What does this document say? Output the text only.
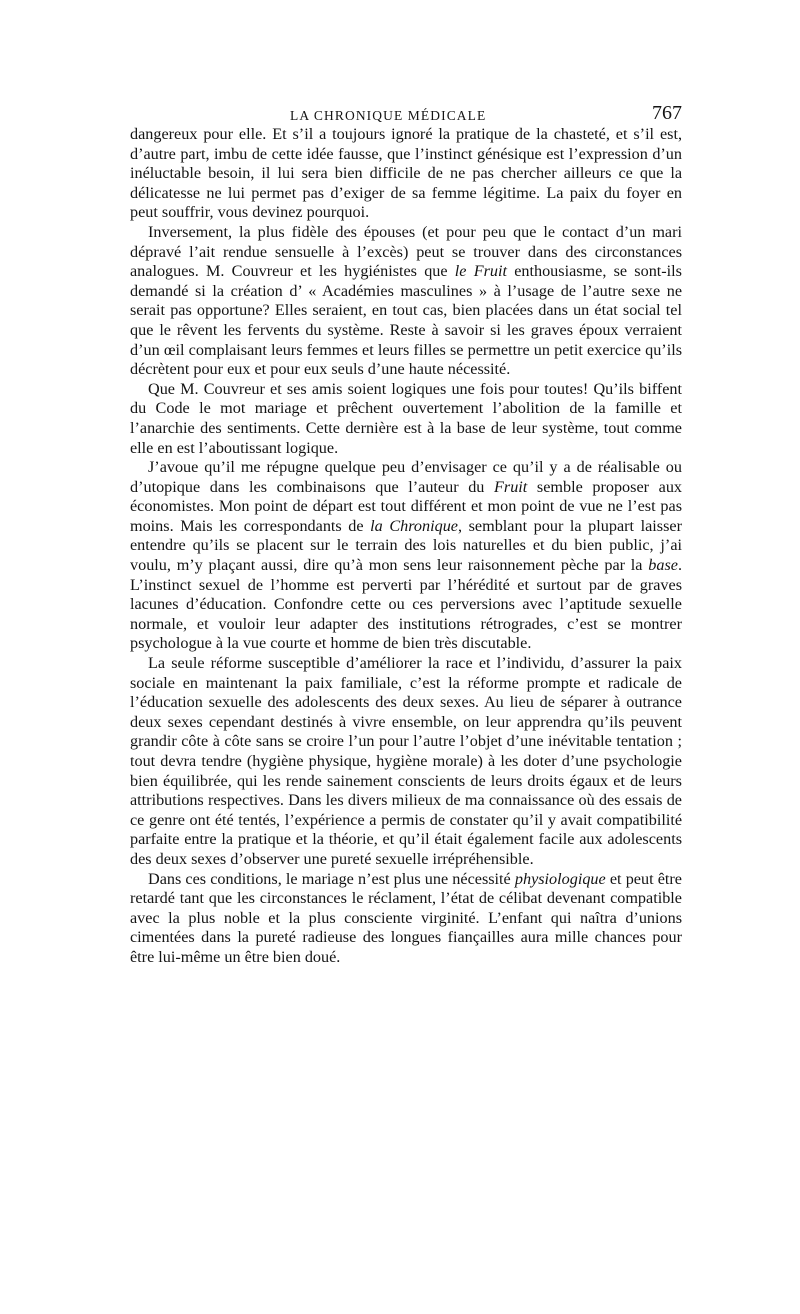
LA CHRONIQUE MÉDICALE	767

dangereux pour elle. Et s’il a toujours ignoré la pratique de la chasteté, et s’il est, d’autre part, imbu de cette idée fausse, que l’instinct génésique est l’expression d’un inéluctable besoin, il lui sera bien difficile de ne pas chercher ailleurs ce que la délicatesse ne lui permet pas d’exiger de sa femme légitime. La paix du foyer en peut souffrir, vous devinez pourquoi.

Inversement, la plus fidèle des épouses (et pour peu que le contact d’un mari dépravé l’ait rendue sensuelle à l’excès) peut se trouver dans des circonstances analogues. M. Couvreur et les hygiénistes que le Fruit enthousiasme, se sont-ils demandé si la création d’ « Académies masculines » à l’usage de l’autre sexe ne serait pas opportune? Elles seraient, en tout cas, bien placées dans un état social tel que le rêvent les fervents du système. Reste à savoir si les graves époux verraient d’un œil complaisant leurs femmes et leurs filles se permettre un petit exercice qu’ils décrètent pour eux et pour eux seuls d’une haute nécessité.

Que M. Couvreur et ses amis soient logiques une fois pour toutes! Qu’ils biffent du Code le mot mariage et prêchent ouvertement l’abolition de la famille et l’anarchie des sentiments. Cette dernière est à la base de leur système, tout comme elle en est l’aboutissant logique.

J’avoue qu’il me répugne quelque peu d’envisager ce qu’il y a de réalisable ou d’utopique dans les combinaisons que l’auteur du Fruit semble proposer aux économistes. Mon point de départ est tout différent et mon point de vue ne l’est pas moins. Mais les correspondants de la Chronique, semblant pour la plupart laisser entendre qu’ils se placent sur le terrain des lois naturelles et du bien public, j’ai voulu, m’y plaçant aussi, dire qu’à mon sens leur raisonnement pèche par la base. L’instinct sexuel de l’homme est perverti par l’hérédité et surtout par de graves lacunes d’éducation. Confondre cette ou ces perversions avec l’aptitude sexuelle normale, et vouloir leur adapter des institutions rétrogrades, c’est se montrer psychologue à la vue courte et homme de bien très discutable.

La seule réforme susceptible d’améliorer la race et l’individu, d’assurer la paix sociale en maintenant la paix familiale, c’est la réforme prompte et radicale de l’éducation sexuelle des adolescents des deux sexes. Au lieu de séparer à outrance deux sexes cependant destinés à vivre ensemble, on leur apprendra qu’ils peuvent grandir côte à côte sans se croire l’un pour l’autre l’objet d’une inévitable tentation ; tout devra tendre (hygiène physique, hygiène morale) à les doter d’une psychologie bien équilibrée, qui les rende sainement conscients de leurs droits égaux et de leurs attributions respectives. Dans les divers milieux de ma connaissance où des essais de ce genre ont été tentés, l’expérience a permis de constater qu’il y avait compatibilité parfaite entre la pratique et la théorie, et qu’il était également facile aux adolescents des deux sexes d’observer une pureté sexuelle irrépréhensible.

Dans ces conditions, le mariage n’est plus une nécessité physiologique et peut être retardé tant que les circonstances le réclament, l’état de célibat devenant compatible avec la plus noble et la plus consciente virginité. L’enfant qui naîtra d’unions cimentées dans la pureté radieuse des longues fiançailles aura mille chances pour être lui-même un être bien doué.
